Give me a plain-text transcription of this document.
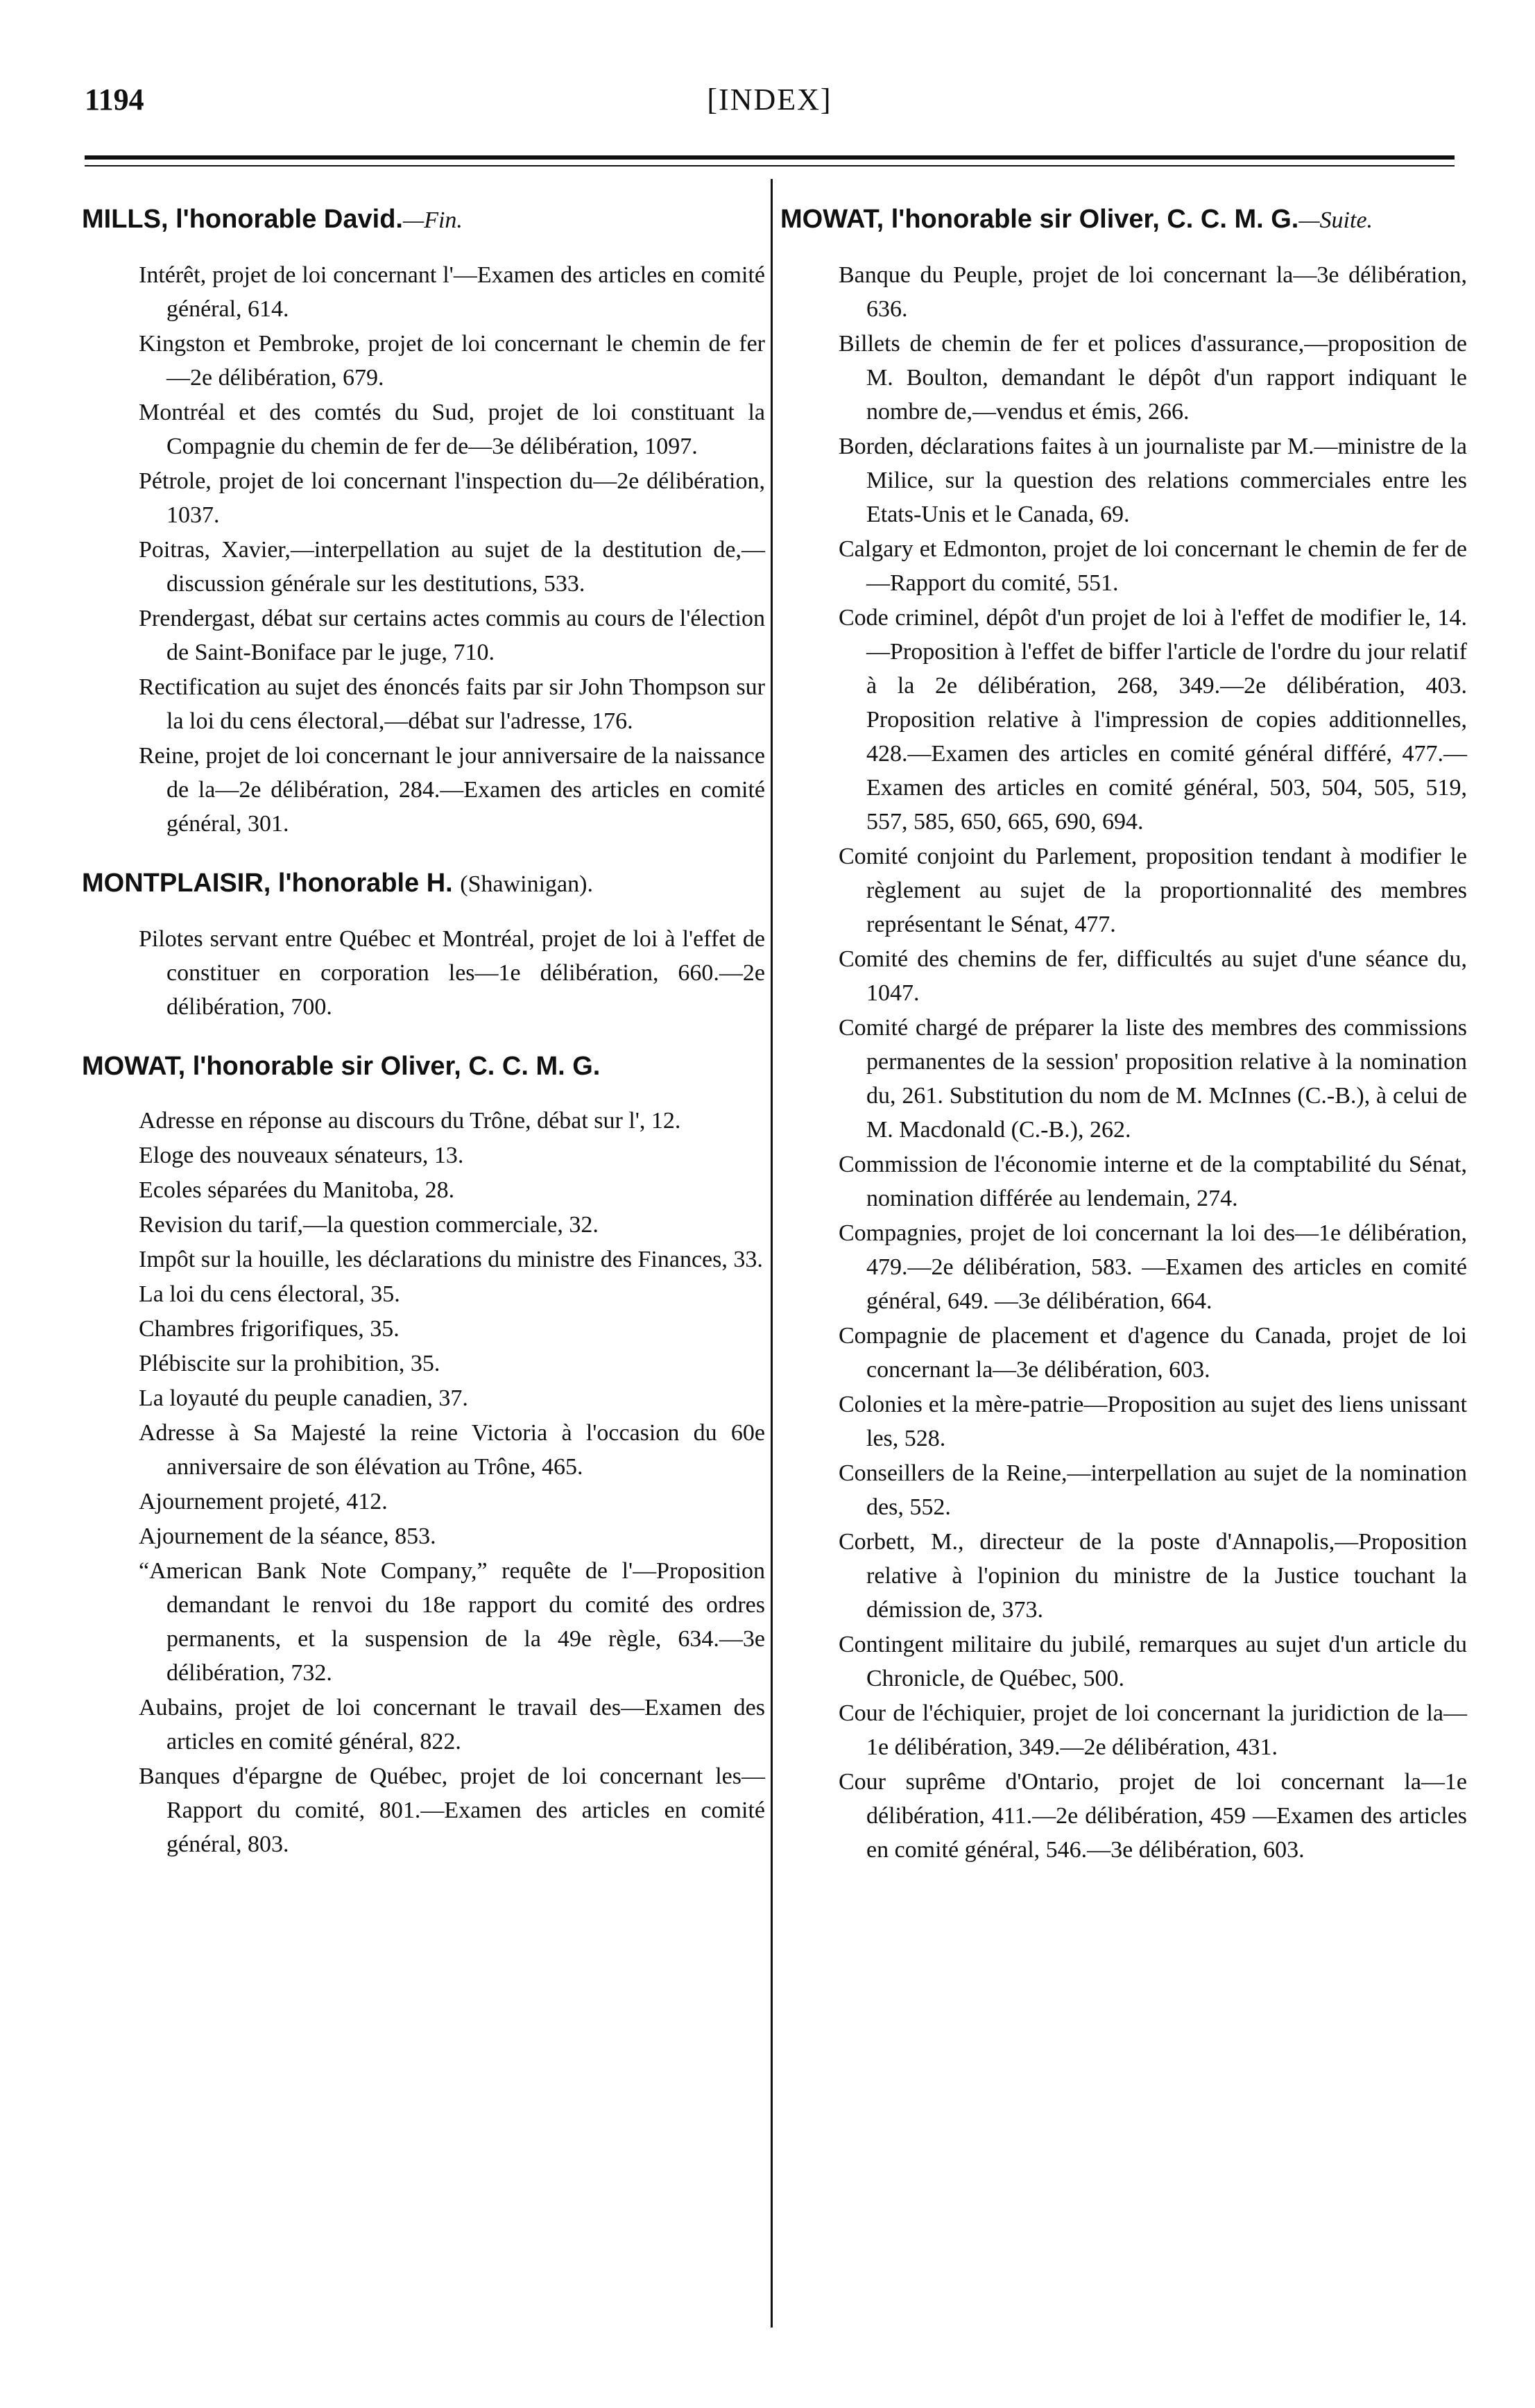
1194	[INDEX]
MILLS, l'honorable David.—Fin.

Intérêt, projet de loi concernant l'—Examen des articles en comité général, 614.

Kingston et Pembroke, projet de loi concernant le chemin de fer—2e délibération, 679.

Montréal et des comtés du Sud, projet de loi constituant la Compagnie du chemin de fer de—3e délibération, 1097.

Pétrole, projet de loi concernant l'inspection du—2e délibération, 1037.

Poitras, Xavier,—interpellation au sujet de la destitution de,—discussion générale sur les destitutions, 533.

Prendergast, débat sur certains actes commis au cours de l'élection de Saint-Boniface par le juge, 710.

Rectification au sujet des énoncés faits par sir John Thompson sur la loi du cens électoral,—débat sur l'adresse, 176.

Reine, projet de loi concernant le jour anniversaire de la naissance de la—2e délibération, 284.—Examen des articles en comité général, 301.

MONTPLAISIR, l'honorable H. (Shawinigan).

Pilotes servant entre Québec et Montréal, projet de loi à l'effet de constituer en corporation les—1e délibération, 660.—2e délibération, 700.

MOWAT, l'honorable sir Oliver, C. C. M. G.

Adresse en réponse au discours du Trône, débat sur l', 12.

Eloge des nouveaux sénateurs, 13.

Ecoles séparées du Manitoba, 28.

Revision du tarif,—la question commerciale, 32.

Impôt sur la houille, les déclarations du ministre des Finances, 33.

La loi du cens électoral, 35.

Chambres frigorifiques, 35.

Plébiscite sur la prohibition, 35.

La loyauté du peuple canadien, 37.

Adresse à Sa Majesté la reine Victoria à l'occasion du 60e anniversaire de son élévation au Trône, 465.

Ajournement projeté, 412.

Ajournement de la séance, 853.

“American Bank Note Company,” requête de l'—Proposition demandant le renvoi du 18e rapport du comité des ordres permanents, et la suspension de la 49e règle, 634.—3e délibération, 732.

Aubains, projet de loi concernant le travail des—Examen des articles en comité général, 822.

Banques d'épargne de Québec, projet de loi concernant les—Rapport du comité, 801.—Examen des articles en comité général, 803.

MOWAT, l'honorable sir Oliver, C. C. M. G.—Suite.

Banque du Peuple, projet de loi concernant la—3e délibération, 636.

Billets de chemin de fer et polices d'assurance,—proposition de M. Boulton, demandant le dépôt d'un rapport indiquant le nombre de,—vendus et émis, 266.

Borden, déclarations faites à un journaliste par M.—ministre de la Milice, sur la question des relations commerciales entre les Etats-Unis et le Canada, 69.

Calgary et Edmonton, projet de loi concernant le chemin de fer de—Rapport du comité, 551.

Code criminel, dépôt d'un projet de loi à l'effet de modifier le, 14.—Proposition à l'effet de biffer l'article de l'ordre du jour relatif à la 2e délibération, 268, 349.—2e délibération, 403. Proposition relative à l'impression de copies additionnelles, 428.—Examen des articles en comité général différé, 477.—Examen des articles en comité général, 503, 504, 505, 519, 557, 585, 650, 665, 690, 694.

Comité conjoint du Parlement, proposition tendant à modifier le règlement au sujet de la proportionnalité des membres représentant le Sénat, 477.

Comité des chemins de fer, difficultés au sujet d'une séance du, 1047.

Comité chargé de préparer la liste des membres des commissions permanentes de la session' proposition relative à la nomination du, 261. Substitution du nom de M. McInnes (C.-B.), à celui de M. Macdonald (C.-B.), 262.

Commission de l'économie interne et de la comptabilité du Sénat, nomination différée au lendemain, 274.

Compagnies, projet de loi concernant la loi des—1e délibération, 479.—2e délibération, 583. —Examen des articles en comité général, 649. —3e délibération, 664.

Compagnie de placement et d'agence du Canada, projet de loi concernant la—3e délibération, 603.

Colonies et la mère-patrie—Proposition au sujet des liens unissant les, 528.

Conseillers de la Reine,—interpellation au sujet de la nomination des, 552.

Corbett, M., directeur de la poste d'Annapolis,—Proposition relative à l'opinion du ministre de la Justice touchant la démission de, 373.

Contingent militaire du jubilé, remarques au sujet d'un article du Chronicle, de Québec, 500.

Cour de l'échiquier, projet de loi concernant la juridiction de la—1e délibération, 349.—2e délibération, 431.

Cour suprême d'Ontario, projet de loi concernant la—1e délibération, 411.—2e délibération, 459 —Examen des articles en comité général, 546.—3e délibération, 603.
